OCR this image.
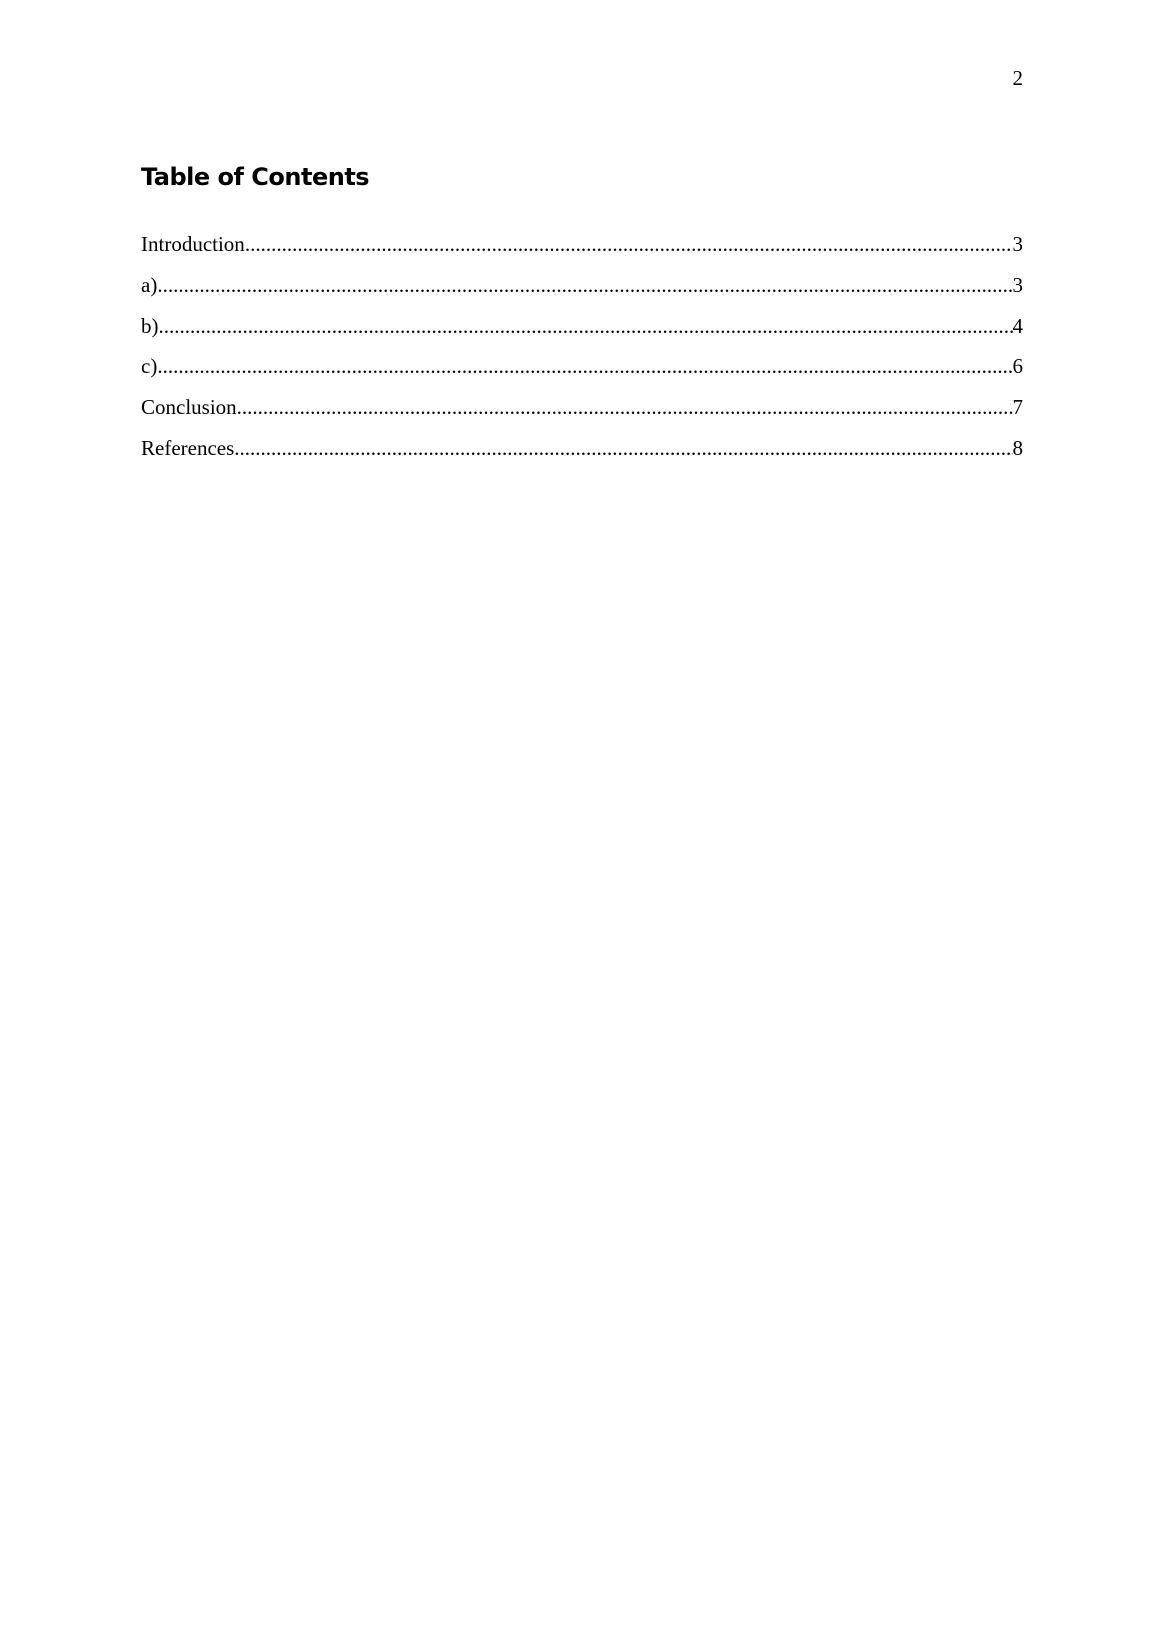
2
Table of Contents
Introduction .....	3
a) .....	3
b) .....	4
c) .....	6
Conclusion .....	7
References .....	8
